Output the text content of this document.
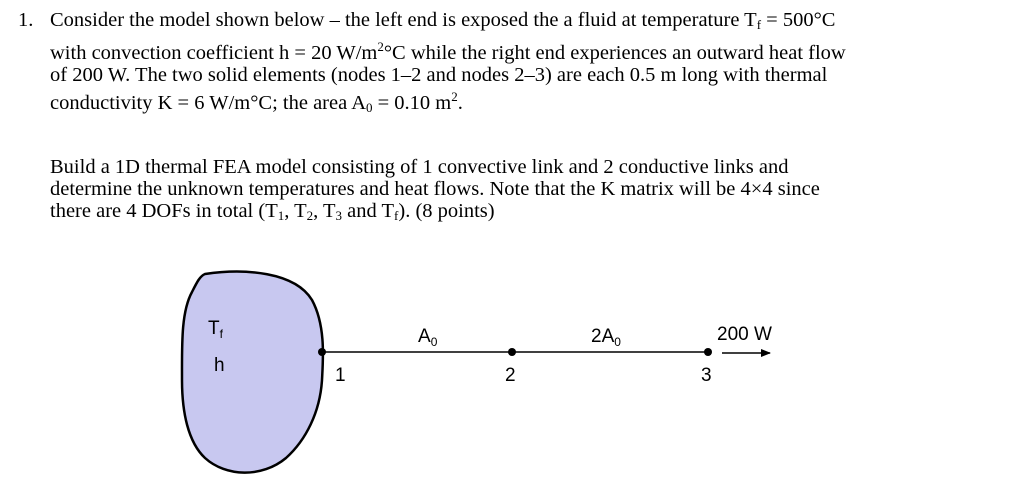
1. Consider the model shown below – the left end is exposed the a fluid at temperature $T_f = 500^\circ C$
with convection coefficient h = 20 $W/m^2^\circ C$ while the right end experiences an outward heat flow
of 200 W. The two solid elements (nodes 1–2 and nodes 2–3) are each 0.5 m long with thermal
conductivity K = 6 W/m°C; the area $A_0 = 0.10$ $m^2$.

Build a 1D thermal FEA model consisting of 1 convective link and 2 conductive links and
determine the unknown temperatures and heat flows. Note that the K matrix will be 4×4 since
there are 4 DOFs in total ($T_1$, $T_2$, $T_3$ and $T_f$). (8 points)

$T_f$
h
$A_0$	$2A_0$
1	2	3
200 W
